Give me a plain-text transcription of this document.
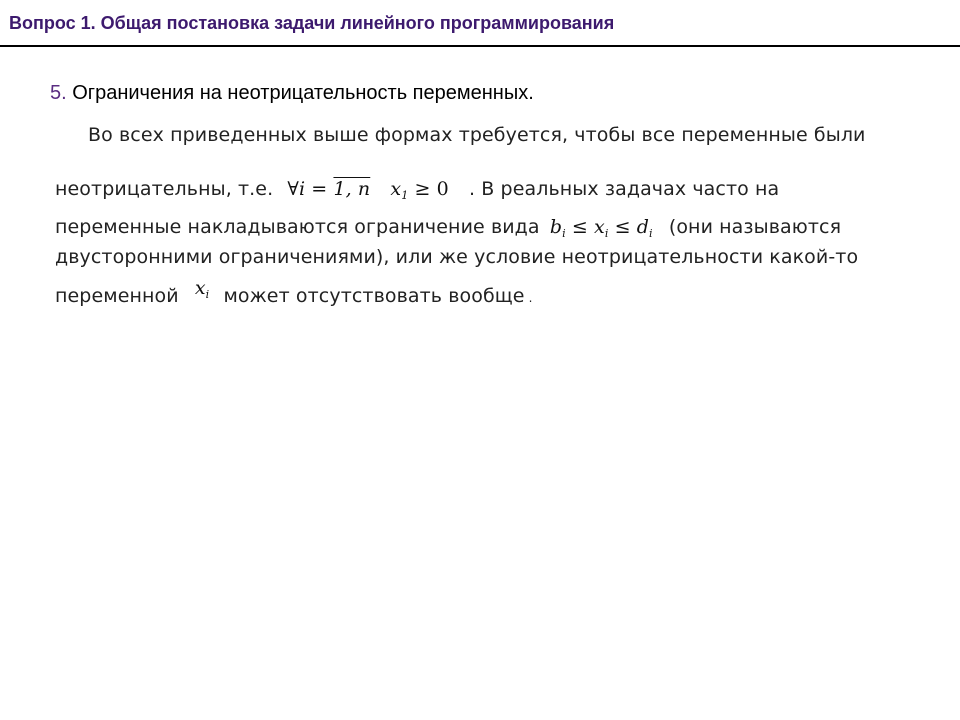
Вопрос 1. Общая постановка задачи линейного программирования
5. Ограничения на неотрицательность переменных.
Во всех приведенных выше формах требуется, чтобы все переменные были
неотрицательны, т.е. ∀i = 1, n $x_1 \ge 0$ . В реальных задачах часто на
переменные накладываются ограничение вида $b_i \le x_i \le d_i$ (они называются
двусторонними ограничениями), или же условие неотрицательности какой-то
переменной $x_i$ может отсутствовать вообще .
